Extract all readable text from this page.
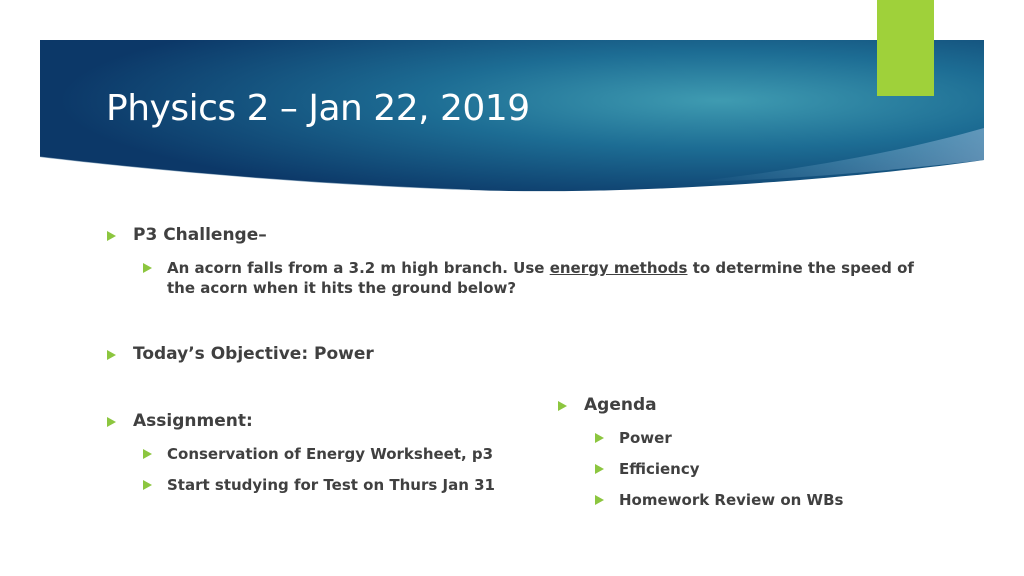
Physics 2 – Jan 22, 2019
P3 Challenge–
An acorn falls from a 3.2 m high branch. Use energy methods to determine the speed of the acorn when it hits the ground below?
Today’s Objective: Power
Assignment:
Conservation of Energy Worksheet, p3
Start studying for Test on Thurs Jan 31
Agenda
Power
Efficiency
Homework Review on WBs
